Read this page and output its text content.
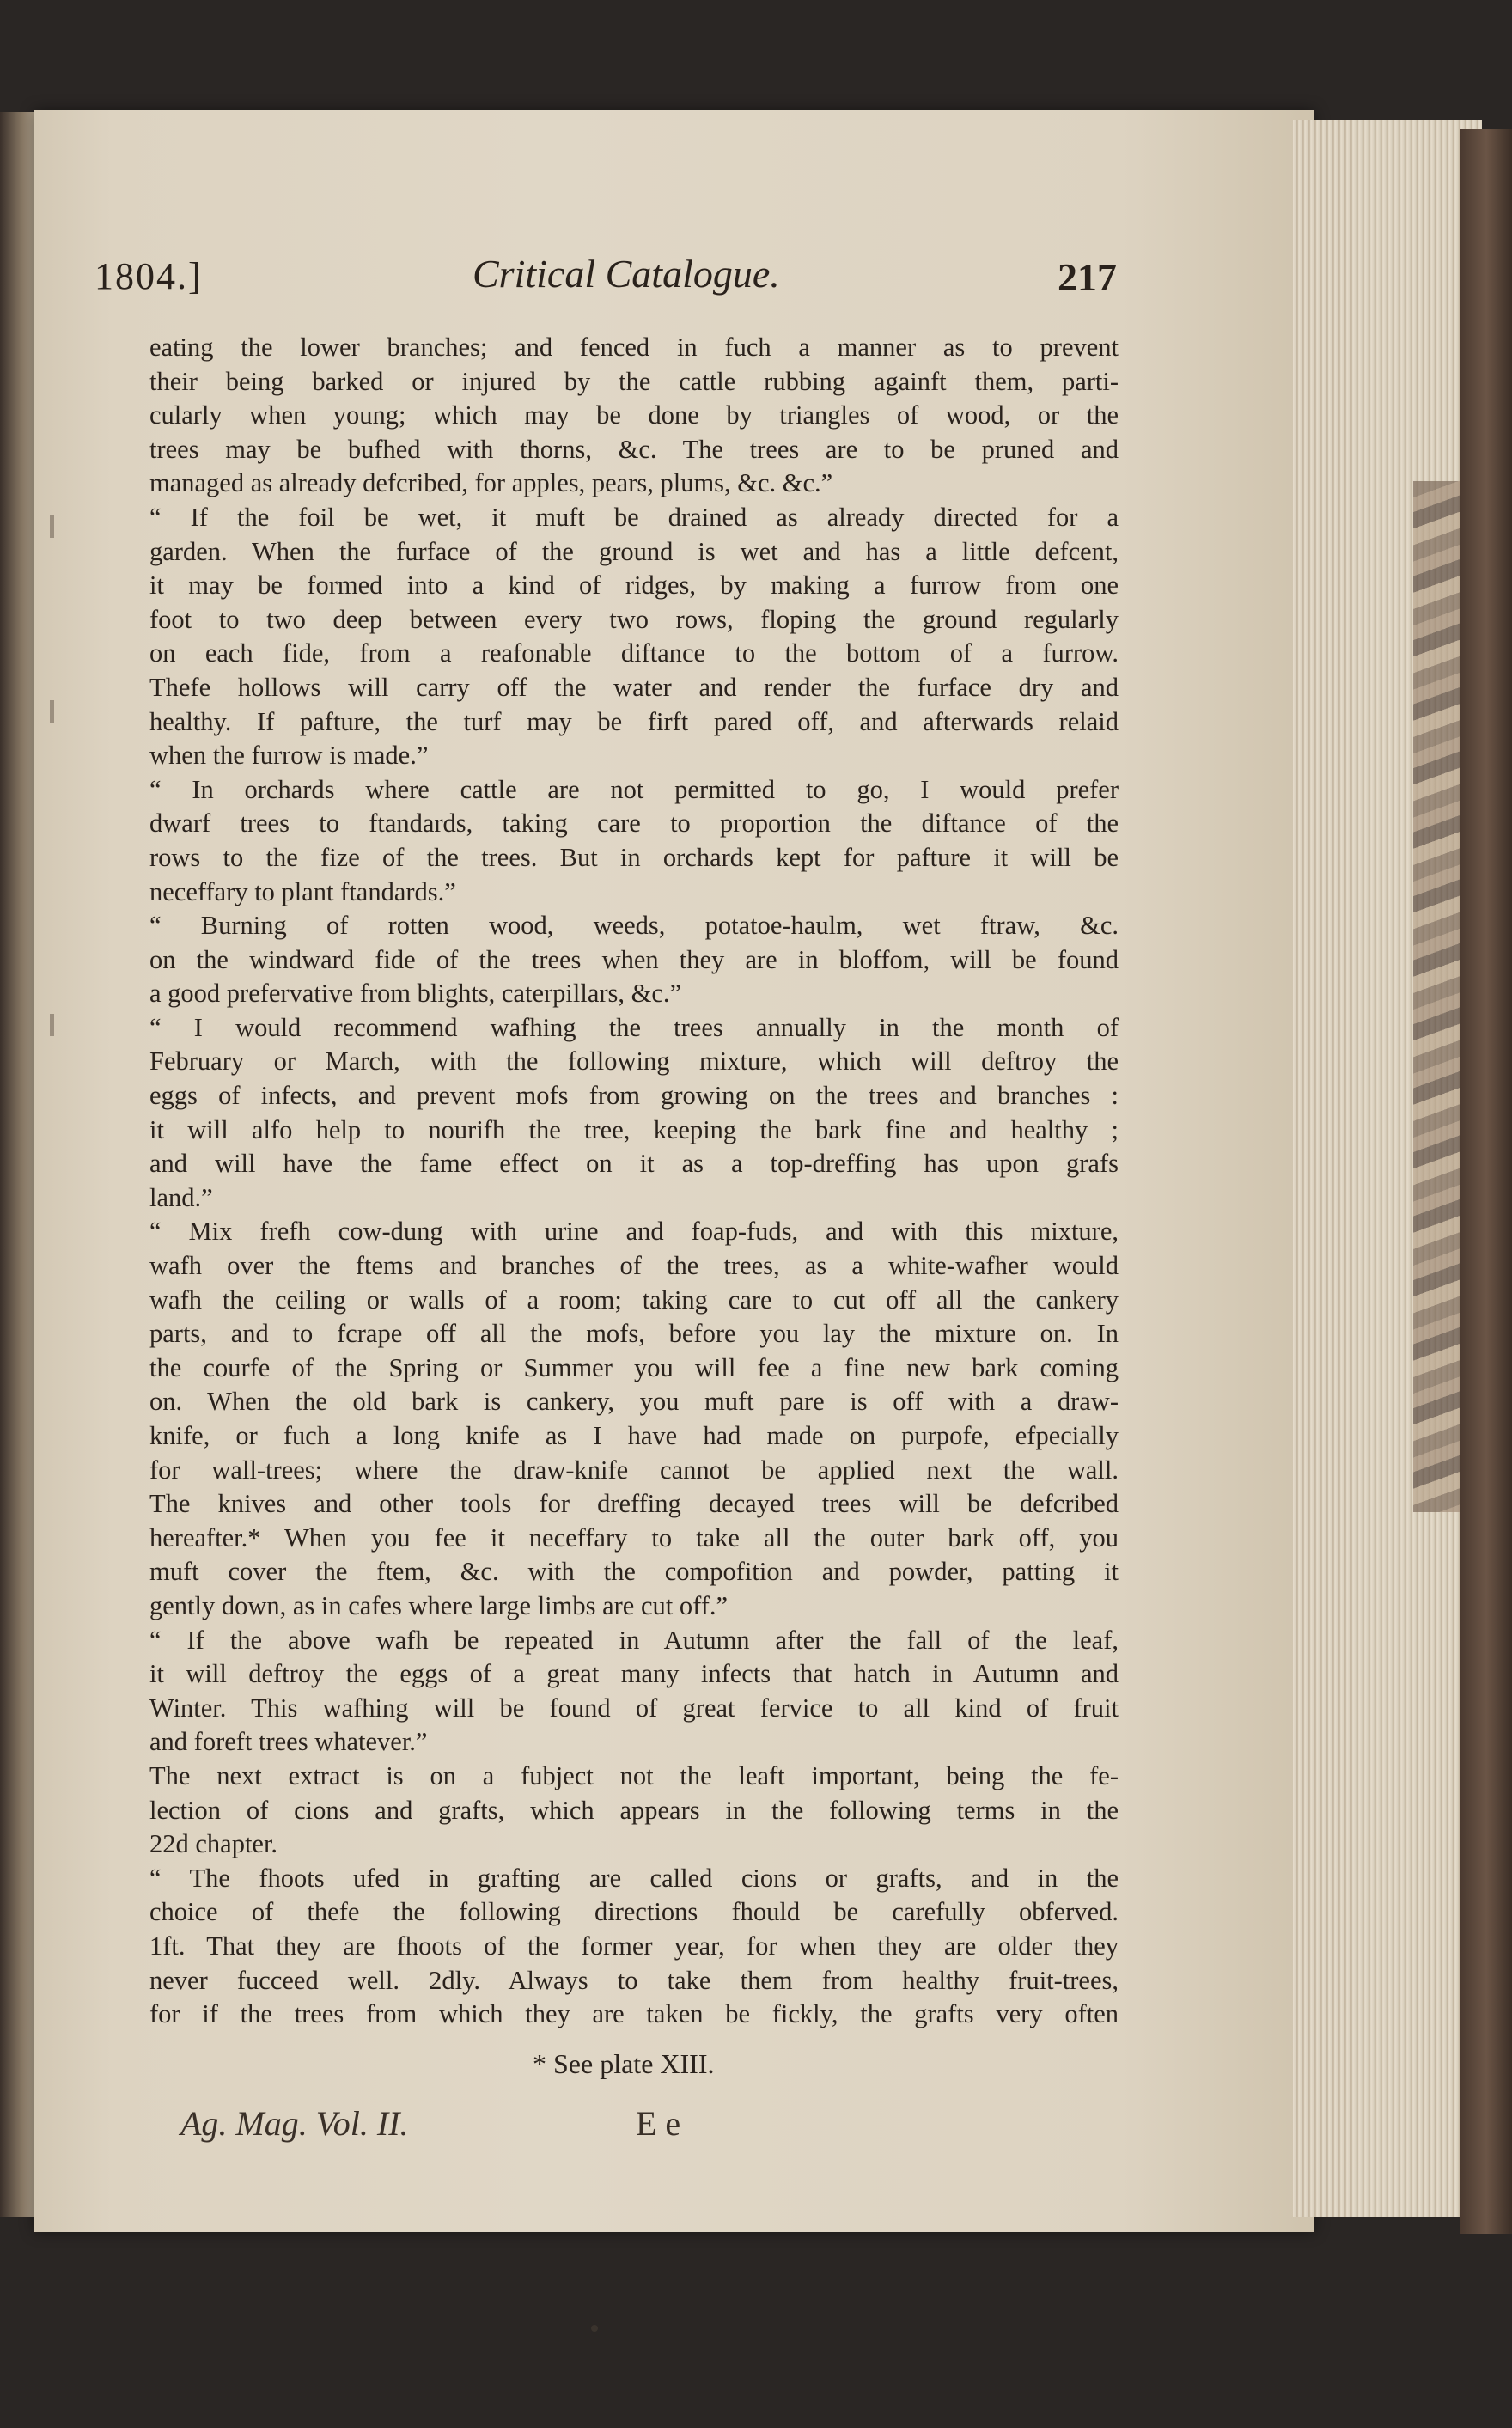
1804.]	Critical Catalogue.	217
eating the lower branches; and fenced in fuch a manner as to prevent
their being barked or injured by the cattle rubbing againft them, parti-
cularly when young; which may be done by triangles of wood, or the
trees may be bufhed with thorns, &c. The trees are to be pruned and
managed as already defcribed, for apples, pears, plums, &c. &c.”
“ If the foil be wet, it muft be drained as already directed for a
garden. When the furface of the ground is wet and has a little defcent,
it may be formed into a kind of ridges, by making a furrow from one
foot to two deep between every two rows, floping the ground regularly
on each fide, from a reafonable diftance to the bottom of a furrow.
Thefe hollows will carry off the water and render the furface dry and
healthy. If pafture, the turf may be firft pared off, and afterwards relaid
when the furrow is made.”
“ In orchards where cattle are not permitted to go, I would prefer
dwarf trees to ftandards, taking care to proportion the diftance of the
rows to the fize of the trees. But in orchards kept for pafture it will be
neceffary to plant ftandards.”
“ Burning of rotten wood, weeds, potatoe-haulm, wet ftraw, &c.
on the windward fide of the trees when they are in bloffom, will be found
a good prefervative from blights, caterpillars, &c.”
“ I would recommend wafhing the trees annually in the month of
February or March, with the following mixture, which will deftroy the
eggs of infects, and prevent mofs from growing on the trees and branches :
it will alfo help to nourifh the tree, keeping the bark fine and healthy ;
and will have the fame effect on it as a top-dreffing has upon grafs
land.”
“ Mix frefh cow-dung with urine and foap-fuds, and with this mixture,
wafh over the ftems and branches of the trees, as a white-wafher would
wafh the ceiling or walls of a room; taking care to cut off all the cankery
parts, and to fcrape off all the mofs, before you lay the mixture on. In
the courfe of the Spring or Summer you will fee a fine new bark coming
on. When the old bark is cankery, you muft pare is off with a draw-
knife, or fuch a long knife as I have had made on purpofe, efpecially
for wall-trees; where the draw-knife cannot be applied next the wall.
The knives and other tools for dreffing decayed trees will be defcribed
hereafter.* When you fee it neceffary to take all the outer bark off, you
muft cover the ftem, &c. with the compofition and powder, patting it
gently down, as in cafes where large limbs are cut off.”
“ If the above wafh be repeated in Autumn after the fall of the leaf,
it will deftroy the eggs of a great many infects that hatch in Autumn and
Winter. This wafhing will be found of great fervice to all kind of fruit
and foreft trees whatever.”
The next extract is on a fubject not the leaft important, being the fe-
lection of cions and grafts, which appears in the following terms in the
22d chapter.
“ The fhoots ufed in grafting are called cions or grafts, and in the
choice of thefe the following directions fhould be carefully obferved.
1ft. That they are fhoots of the former year, for when they are older they
never fucceed well. 2dly. Always to take them from healthy fruit-trees,
for if the trees from which they are taken be fickly, the grafts very often
* See plate XIII.
Ag. Mag. Vol. II.	E e
